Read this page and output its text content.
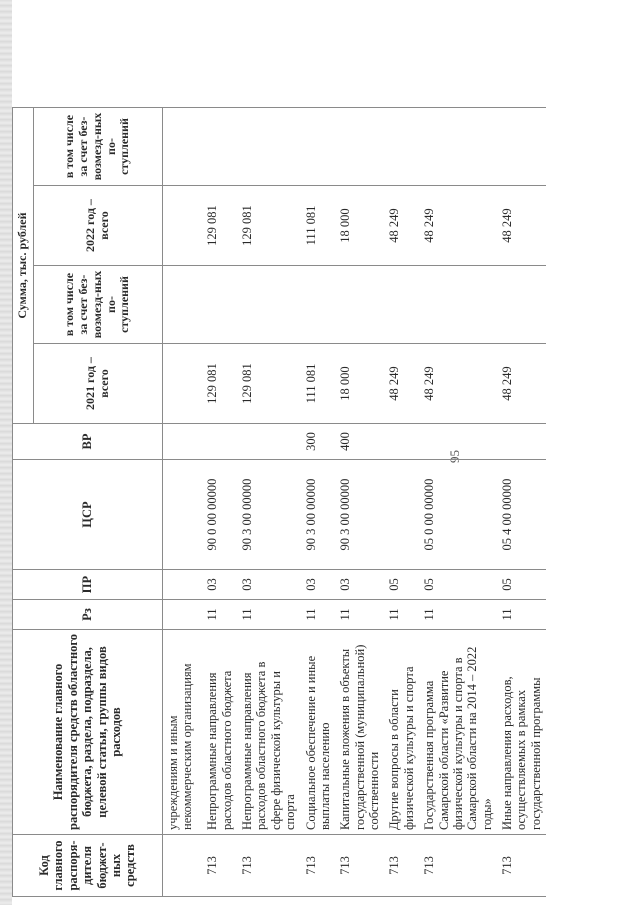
95
Код главного распоря-дителя бюджет-ных средств	Наименование главного распорядителя средств областного бюджета, раздела, подраздела, целевой статьи, группы видов расходов	Рз	ПР	ЦСР	ВР	Сумма, тыс. рублей			
						2021 год – всего	в том числе за счет без-возмезд-ных по-ступлений	2022 год – всего	в том числе за счет без-возмезд-ных по-ступлений

	учреждениям и иным некоммерческим организациям								
713	Непрограммные направления расходов областного бюджета	11	03	90 0 00 00000		129 081		129 081	
713	Непрограммные направления расходов областного бюджета в сфере физической культуры и спорта	11	03	90 3 00 00000		129 081		129 081	
713	Социальное обеспечение и иные выплаты населению	11	03	90 3 00 00000	300	111 081		111 081	
713	Капитальные вложения в объекты государственной (муниципальной) собственности	11	03	90 3 00 00000	400	18 000		18 000	
713	Другие вопросы в области физической культуры и спорта	11	05			48 249		48 249	
713	Государственная программа Самарской области «Развитие физической культуры и спорта в Самарской области на 2014 – 2022 годы»	11	05	05 0 00 00000		48 249		48 249	
713	Иные направления расходов, осуществляемых в рамках государственной программы	11	05	05 4 00 00000		48 249		48 249	
